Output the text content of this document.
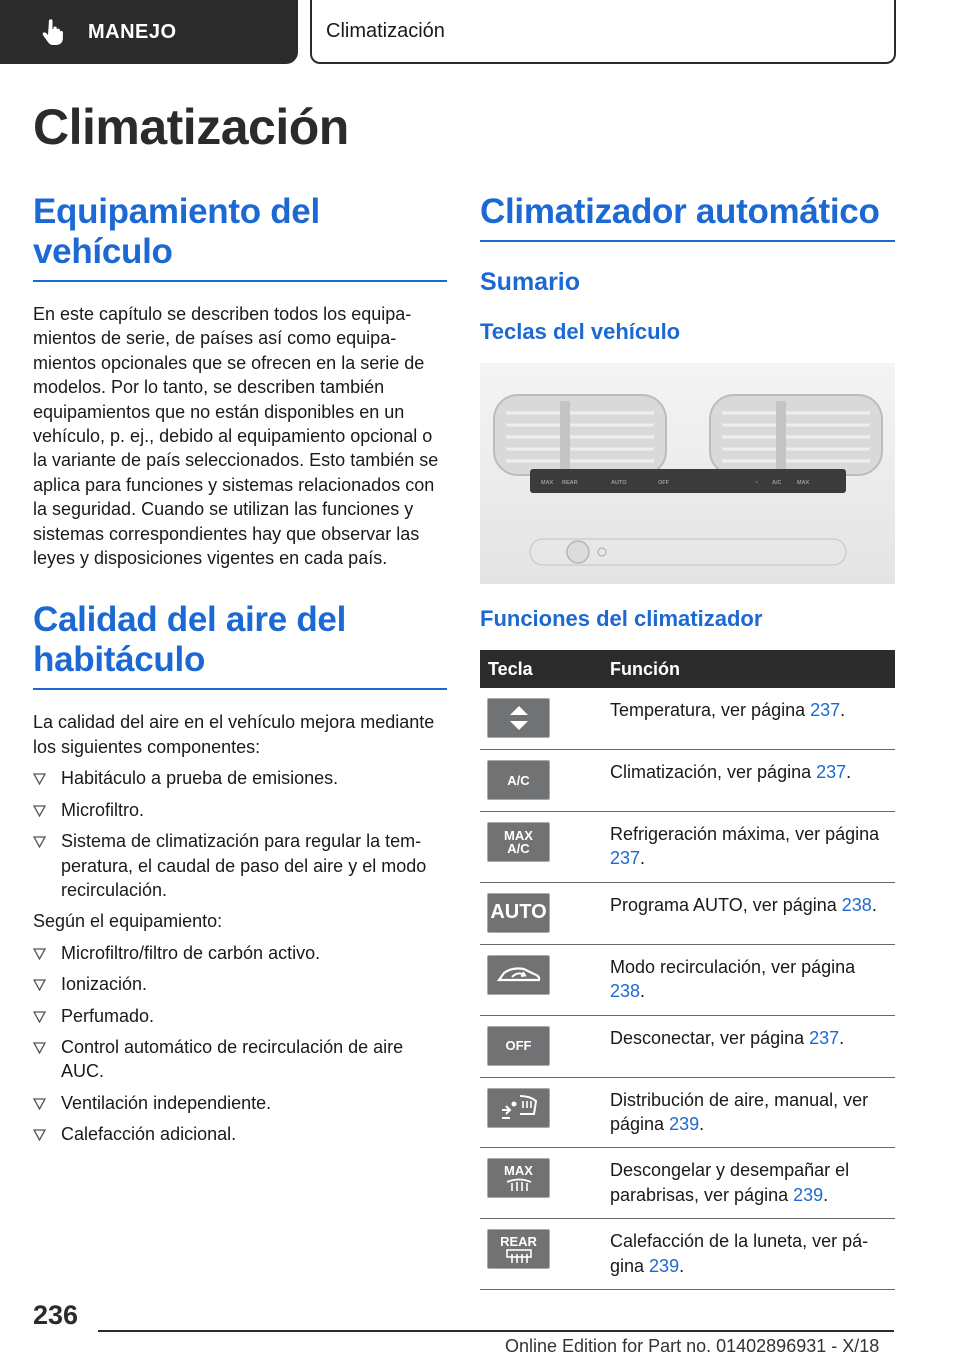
MANEJO	Climatización
Climatización
Equipamiento del vehículo

En este capítulo se describen todos los equipamientos de serie, de países así como equipamientos opcionales que se ofrecen en la serie de modelos. Por lo tanto, se describen también equipamientos que no están disponibles en un vehículo, p. ej., debido al equipamiento opcional o la variante de país seleccionados. Esto también se aplica para funciones y sistemas relacionados con la seguridad. Cuando se utilizan las funciones y sistemas correspondientes hay que observar las leyes y disposiciones vigentes en cada país.

Calidad del aire del habitáculo

La calidad del aire en el vehículo mejora mediante los siguientes componentes:

Habitáculo a prueba de emisiones.
Microfiltro.
Sistema de climatización para regular la temperatura, el caudal de paso del aire y el modo recirculación.

Según el equipamiento:

Microfiltro/filtro de carbón activo.
Ionización.
Perfumado.
Control automático de recirculación de aire AUC.
Ventilación independiente.
Calefacción adicional.
Climatizador automático
Sumario
Teclas del vehículo
MAX REAR	AUTO	OFF	~	A/C	MAX
Funciones del climatizador
Tecla	Función

	Temperatura, ver página 237.

A/C	Climatización, ver página 237.

MAX A/C	Refrigeración máxima, ver página 237.

AUTO	Programa AUTO, ver página 238.

	Modo recirculación, ver página 238.

OFF	Desconectar, ver página 237.

	Distribución de aire, manual, ver página 239.

MAX	Descongelar y desempañar el parabrisas, ver página 239.

REAR	Calefacción de la luneta, ver página 239.
236
Online Edition for Part no. 01402896931 - X/18
